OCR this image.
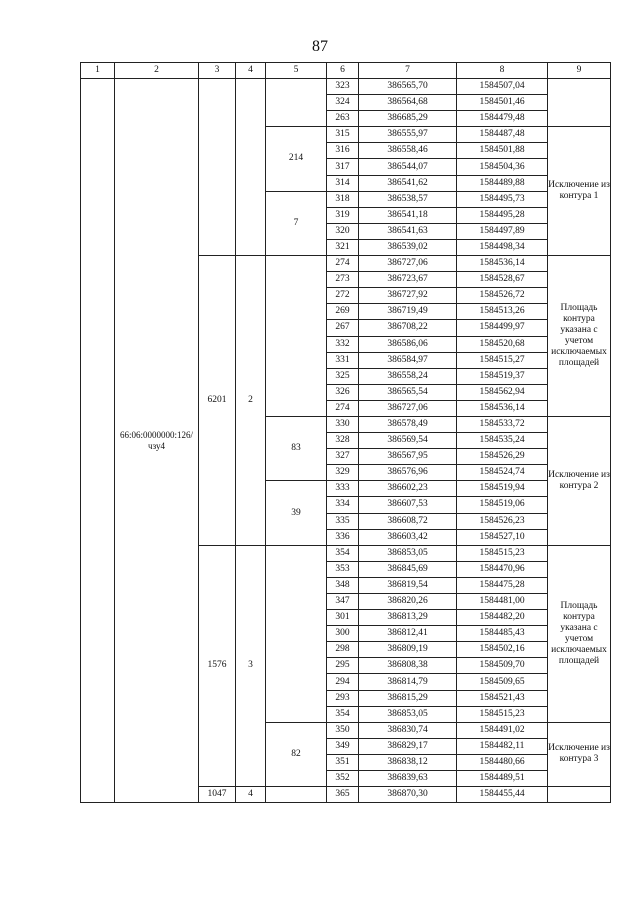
87
1	2	3	4	5	6	7	8	9
	66:06:0000000:126/ чзу4				323	386565,70	1584507,04	
					324	386564,68	1584501,46	
					263	386685,29	1584479,48	
				214	315	386555,97	1584487,48	Исключение из контура 1
					316	386558,46	1584501,88	
					317	386544,07	1584504,36	
					314	386541,62	1584489,88	
				7	318	386538,57	1584495,73	
					319	386541,18	1584495,28	
					320	386541,63	1584497,89	
					321	386539,02	1584498,34	
		6201	2		274	386727,06	1584536,14	Площадь контура указана с учетом исключаемых площадей
					273	386723,67	1584528,67	
					272	386727,92	1584526,72	
					269	386719,49	1584513,26	
					267	386708,22	1584499,97	
					332	386586,06	1584520,68	
					331	386584,97	1584515,27	
					325	386558,24	1584519,37	
					326	386565,54	1584562,94	
					274	386727,06	1584536,14	
				83	330	386578,49	1584533,72	Исключение из контура 2
					328	386569,54	1584535,24	
					327	386567,95	1584526,29	
					329	386576,96	1584524,74	
				39	333	386602,23	1584519,94	
					334	386607,53	1584519,06	
					335	386608,72	1584526,23	
					336	386603,42	1584527,10	
		1576	3		354	386853,05	1584515,23	Площадь контура указана с учетом исключаемых площадей
					353	386845,69	1584470,96	
					348	386819,54	1584475,28	
					347	386820,26	1584481,00	
					301	386813,29	1584482,20	
					300	386812,41	1584485,43	
					298	386809,19	1584502,16	
					295	386808,38	1584509,70	
					294	386814,79	1584509,65	
					293	386815,29	1584521,43	
					354	386853,05	1584515,23	
				82	350	386830,74	1584491,02	Исключение из контура 3
					349	386829,17	1584482,11	
					351	386838,12	1584480,66	
					352	386839,63	1584489,51	
		1047	4		365	386870,30	1584455,44	
